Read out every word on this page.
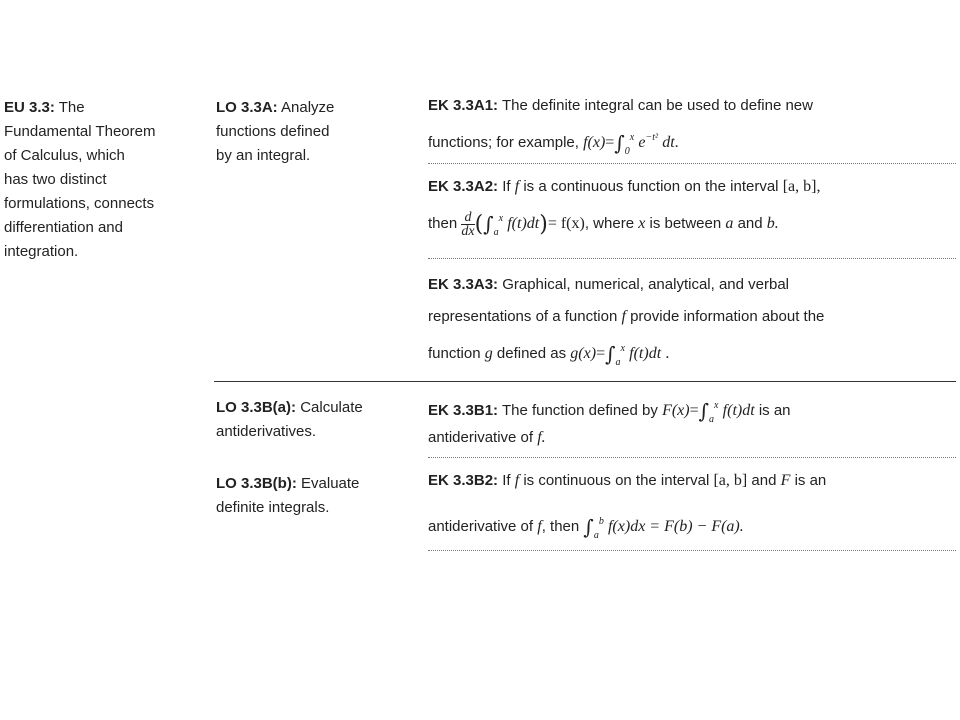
EU 3.3: The
Fundamental Theorem
of Calculus, which
has two distinct
formulations, connects
differentiation and
integration.
LO 3.3A: Analyze
functions defined
by an integral.
LO 3.3B(a): Calculate
antiderivatives.
LO 3.3B(b): Evaluate
definite integrals.
EK 3.3A1: The definite integral can be used to define new
functions; for example, $f(x)=\int_0^x$ $e^{-t^2}$ dt.
EK 3.3A2: If f is a continuous function on the interval [a, b],
then $\frac{d}{dx} (\int_a^x$ f(t)dt)= f(x), where x is between a and b.
EK 3.3A3: Graphical, numerical, analytical, and verbal
representations of a function f provide information about the
function g defined as $g(x)=\int_a^x$ f(t)dt .
EK 3.3B1: The function defined by $F(x)=\int_a^x$ f(t)dt is an
antiderivative of f.
EK 3.3B2: If f is continuous on the interval [a, b] and F is an
antiderivative of f, then $\int_a^b$ f(x)dx = F(b) − F(a).
